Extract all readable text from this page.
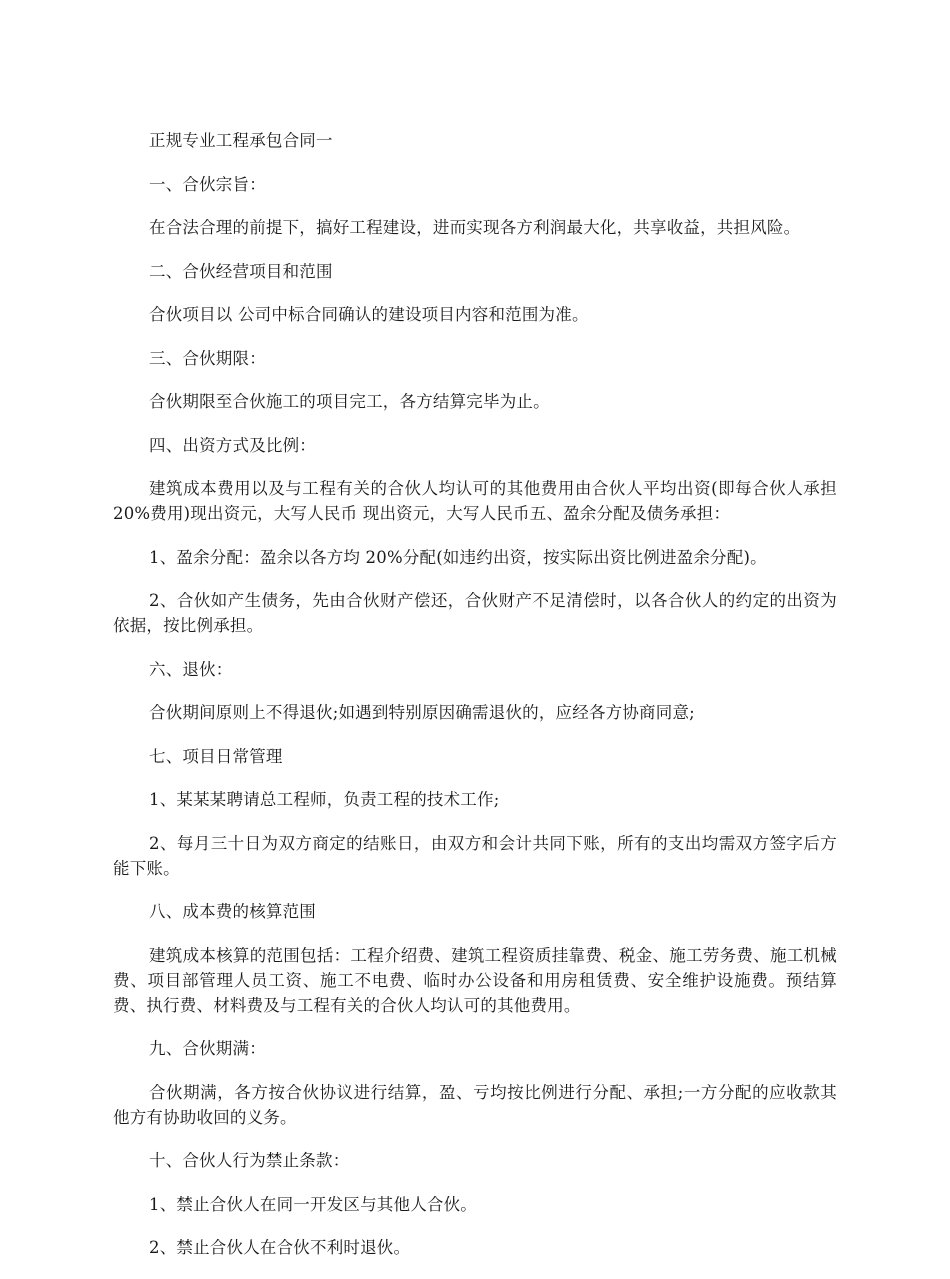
正规专业工程承包合同一

一、合伙宗旨：

在合法合理的前提下，搞好工程建设，进而实现各方利润最大化，共享收益，共担风险。

二、合伙经营项目和范围

合伙项目以 公司中标合同确认的建设项目内容和范围为准。

三、合伙期限：

合伙期限至合伙施工的项目完工，各方结算完毕为止。

四、出资方式及比例：

建筑成本费用以及与工程有关的合伙人均认可的其他费用由合伙人平均出资(即每合伙人承担 20%费用)现出资元，大写人民币 现出资元，大写人民币五、盈余分配及债务承担：

1、盈余分配：盈余以各方均 20%分配(如违约出资，按实际出资比例进盈余分配)。

2、合伙如产生债务，先由合伙财产偿还，合伙财产不足清偿时，以各合伙人的约定的出资为依据，按比例承担。

六、退伙：

合伙期间原则上不得退伙;如遇到特别原因确需退伙的，应经各方协商同意;

七、项目日常管理

1、某某某聘请总工程师，负责工程的技术工作;

2、每月三十日为双方商定的结账日，由双方和会计共同下账，所有的支出均需双方签字后方能下账。

八、成本费的核算范围

建筑成本核算的范围包括：工程介绍费、建筑工程资质挂靠费、税金、施工劳务费、施工机械费、项目部管理人员工资、施工不电费、临时办公设备和用房租赁费、安全维护设施费。预结算费、执行费、材料费及与工程有关的合伙人均认可的其他费用。

九、合伙期满：

合伙期满，各方按合伙协议进行结算，盈、亏均按比例进行分配、承担;一方分配的应收款其他方有协助收回的义务。

十、合伙人行为禁止条款：

1、禁止合伙人在同一开发区与其他人合伙。

2、禁止合伙人在合伙不利时退伙。
